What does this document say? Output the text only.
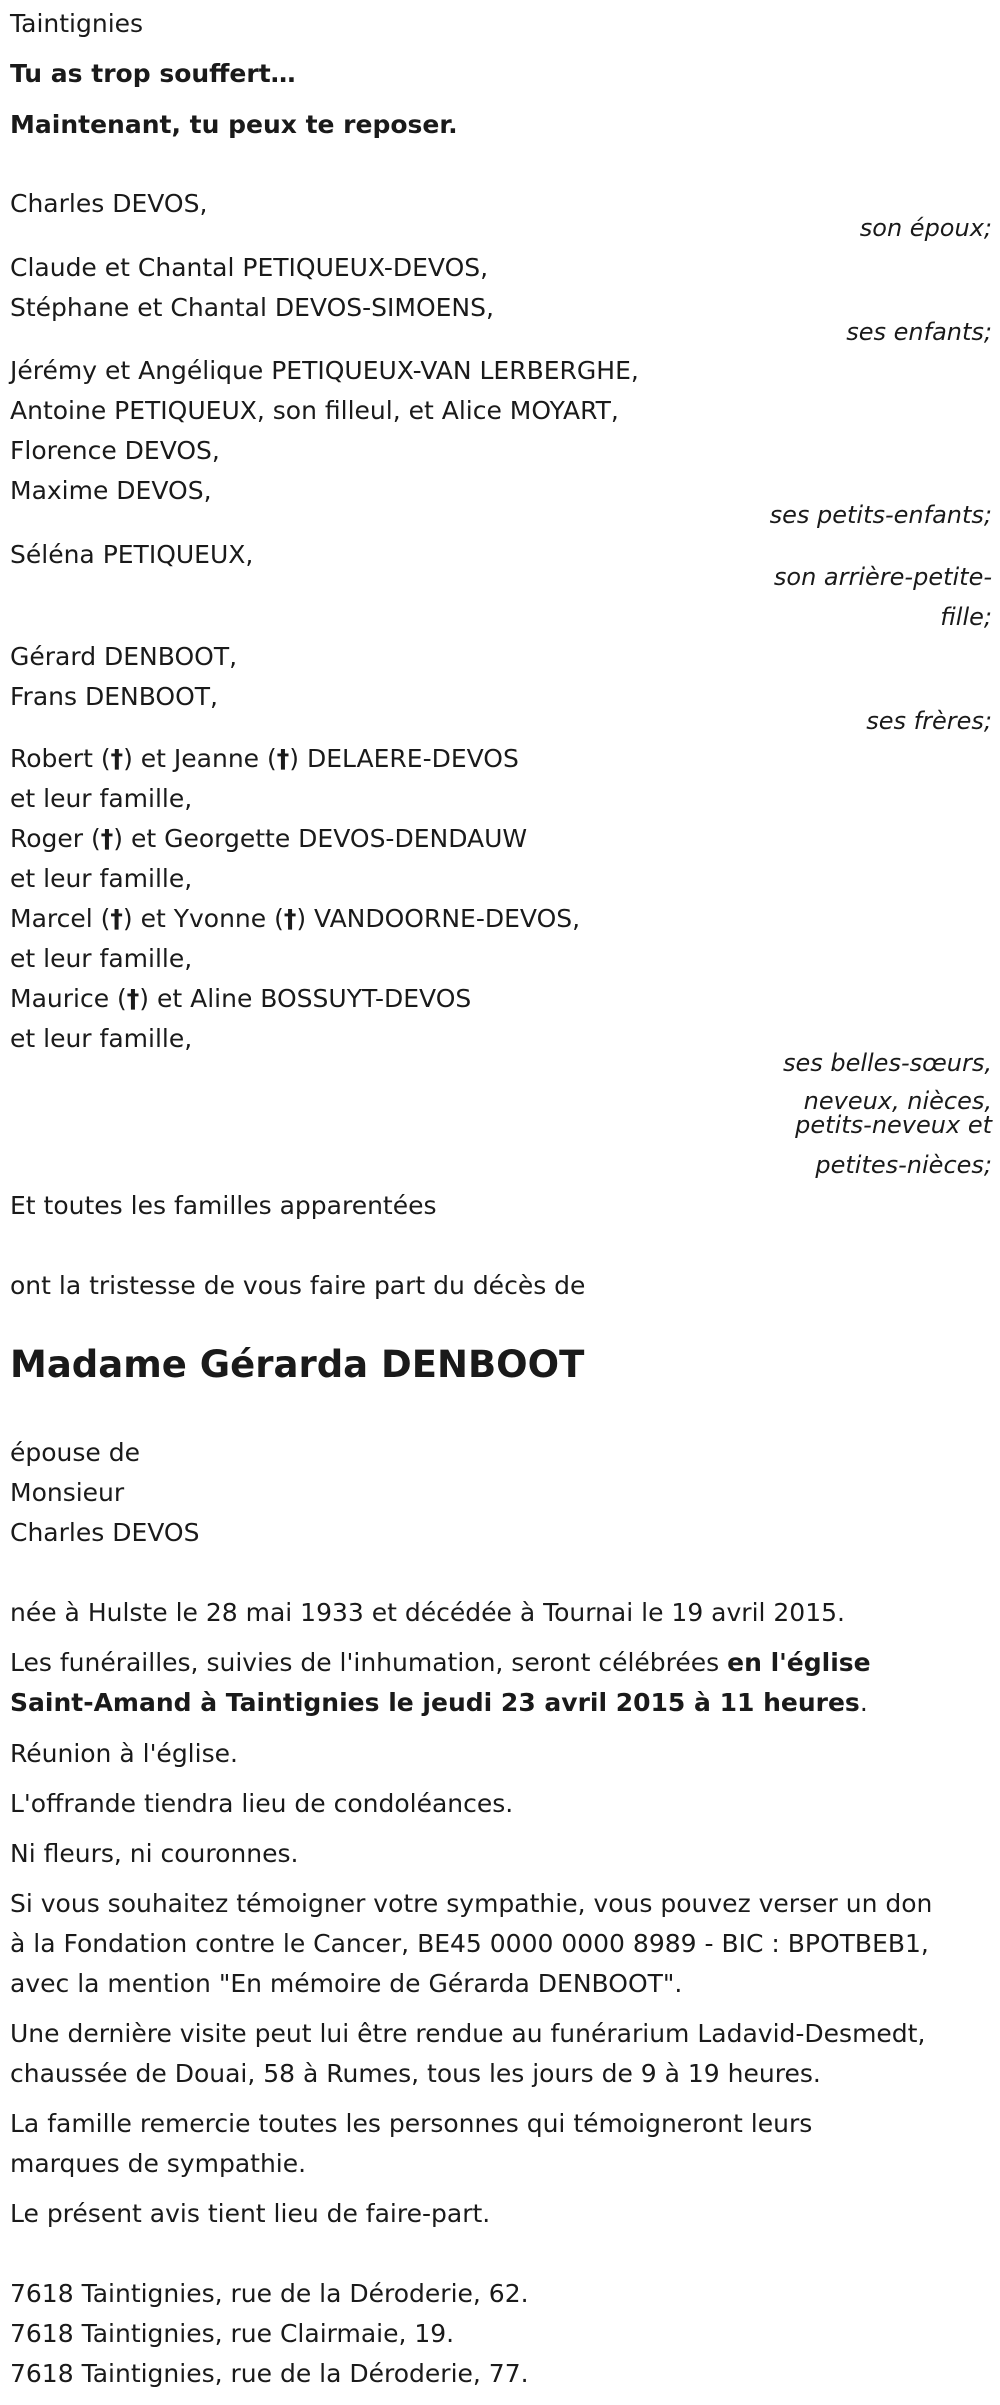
Taintignies
Tu as trop souffert…
Maintenant, tu peux te reposer.
Charles DEVOS,
son époux;
Claude et Chantal PETIQUEUX-DEVOS,
Stéphane et Chantal DEVOS-SIMOENS,
ses enfants;
Jérémy et Angélique PETIQUEUX-VAN LERBERGHE,
Antoine PETIQUEUX, son filleul, et Alice MOYART,
Florence DEVOS,
Maxime DEVOS,
ses petits-enfants;
Séléna PETIQUEUX,
son arrière-petite-
fille;
Gérard DENBOOT,
Frans DENBOOT,
ses frères;
Robert (†) et Jeanne (†) DELAERE-DEVOS
et leur famille,
Roger (†) et Georgette DEVOS-DENDAUW
et leur famille,
Marcel (†) et Yvonne (†) VANDOORNE-DEVOS,
et leur famille,
Maurice (†) et Aline BOSSUYT-DEVOS
et leur famille,
ses belles-sœurs,
neveux, nièces,
petits-neveux et
petites-nièces;
Et toutes les familles apparentées
ont la tristesse de vous faire part du décès de
Madame Gérarda DENBOOT
épouse de
Monsieur
Charles DEVOS
née à Hulste le 28 mai 1933 et décédée à Tournai le 19 avril 2015.
Les funérailles, suivies de l'inhumation, seront célébrées en l'église
Saint-Amand à Taintignies le jeudi 23 avril 2015 à 11 heures.
Réunion à l'église.
L'offrande tiendra lieu de condoléances.
Ni fleurs, ni couronnes.
Si vous souhaitez témoigner votre sympathie, vous pouvez verser un don
à la Fondation contre le Cancer, BE45 0000 0000 8989 - BIC : BPOTBEB1,
avec la mention "En mémoire de Gérarda DENBOOT".
Une dernière visite peut lui être rendue au funérarium Ladavid-Desmedt,
chaussée de Douai, 58 à Rumes, tous les jours de 9 à 19 heures.
La famille remercie toutes les personnes qui témoigneront leurs
marques de sympathie.
Le présent avis tient lieu de faire-part.
7618 Taintignies, rue de la Déroderie, 62.
7618 Taintignies, rue Clairmaie, 19.
7618 Taintignies, rue de la Déroderie, 77.
